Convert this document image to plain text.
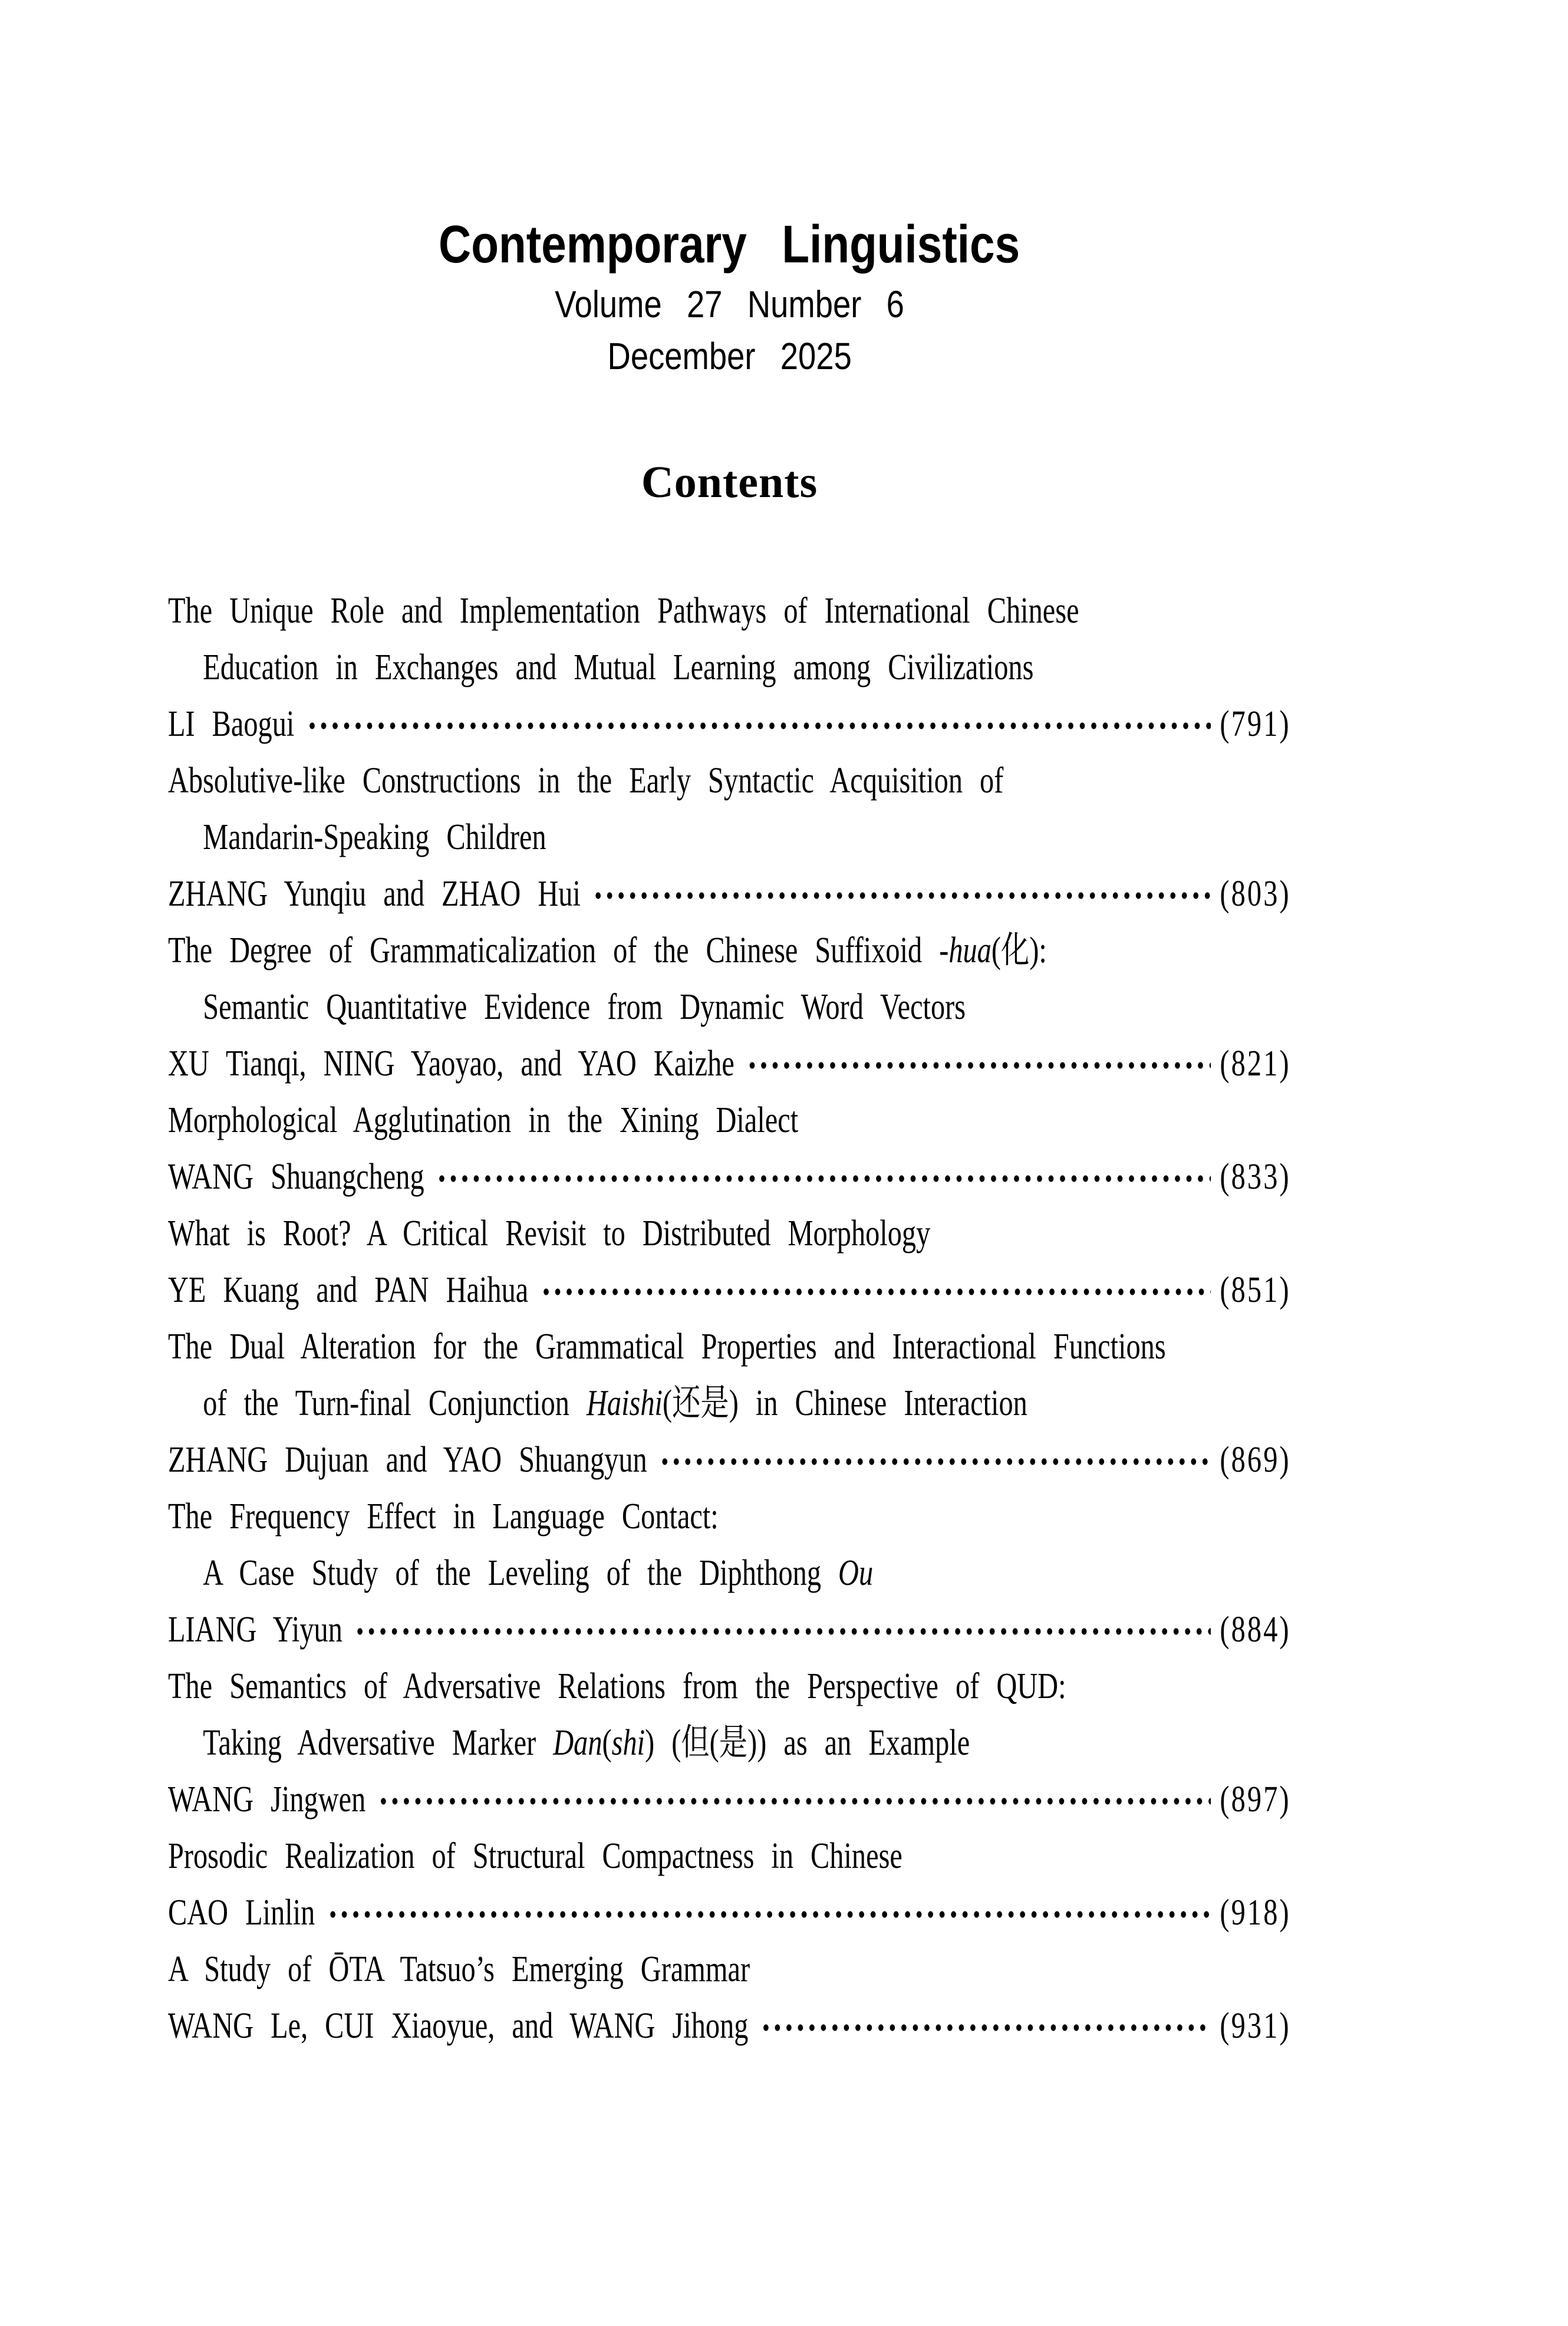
Contemporary Linguistics
Volume 27 Number 6
December 2025
Contents
The Unique Role and Implementation Pathways of International Chinese
Education in Exchanges and Mutual Learning among Civilizations
LI Baogui	(791)
Absolutive-like Constructions in the Early Syntactic Acquisition of
Mandarin-Speaking Children
ZHANG Yunqiu and ZHAO Hui	(803)
The Degree of Grammaticalization of the Chinese Suffixoid -hua(化):
Semantic Quantitative Evidence from Dynamic Word Vectors
XU Tianqi, NING Yaoyao, and YAO Kaizhe	(821)
Morphological Agglutination in the Xining Dialect
WANG Shuangcheng	(833)
What is Root? A Critical Revisit to Distributed Morphology
YE Kuang and PAN Haihua	(851)
The Dual Alteration for the Grammatical Properties and Interactional Functions
of the Turn-final Conjunction Haishi(还是) in Chinese Interaction
ZHANG Dujuan and YAO Shuangyun	(869)
The Frequency Effect in Language Contact:
A Case Study of the Leveling of the Diphthong Ou
LIANG Yiyun	(884)
The Semantics of Adversative Relations from the Perspective of QUD:
Taking Adversative Marker Dan(shi) (但(是)) as an Example
WANG Jingwen	(897)
Prosodic Realization of Structural Compactness in Chinese
CAO Linlin	(918)
A Study of ŌTA Tatsuo’s Emerging Grammar
WANG Le, CUI Xiaoyue, and WANG Jihong	(931)
